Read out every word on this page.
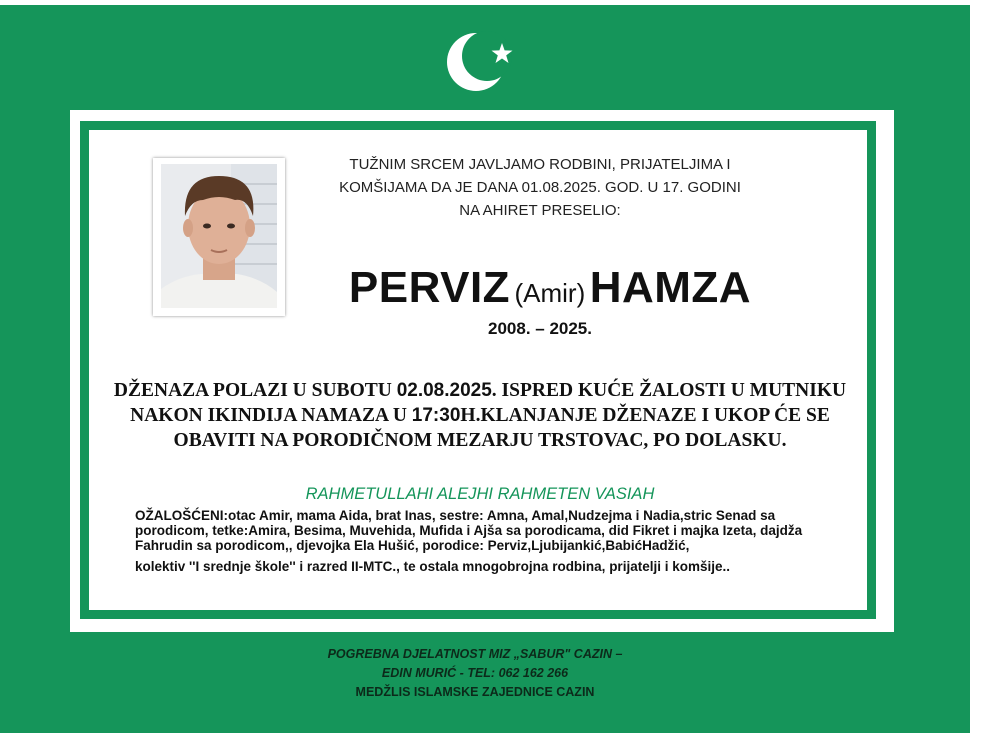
TUŽNIM SRCEM JAVLJAMO RODBINI, PRIJATELJIMA I
KOMŠIJAMA DA JE DANA 01.08.2025. GOD. U 17. GODINI
NA AHIRET PRESELIO:
PERVIZ (Amir) HAMZA
2008. – 2025.
DŽENAZA POLAZI U SUBOTU 02.08.2025. ISPRED KUĆE ŽALOSTI U MUTNIKU NAKON IKINDIJA NAMAZA U 17:30H.KLANJANJE DŽENAZE I UKOP ĆE SE OBAVITI NA PORODIČNOM MEZARJU TRSTOVAC, PO DOLASKU.
RAHMETULLAHI ALEJHI RAHMETEN VASIAH

OŽALOŠĆENI:otac Amir, mama Aida, brat Inas, sestre: Amna, Amal,Nudzejma i Nadia,stric Senad sa porodicom, tetke:Amira, Besima, Muvehida, Mufida i Ajša sa porodicama, did Fikret i majka Izeta, dajdža Fahrudin sa porodicom,, djevojka Ela Hušić, porodice: Perviz,Ljubijankić,BabićHadžić,

kolektiv ''I srednje škole'' i razred II-MTC., te ostala mnogobrojna rodbina, prijatelji i komšije..

POGREBNA DJELATNOST MIZ „SABUR" CAZIN –
EDIN MURIĆ - TEL: 062 162 266
MEDŽLIS ISLAMSKE ZAJEDNICE CAZIN
